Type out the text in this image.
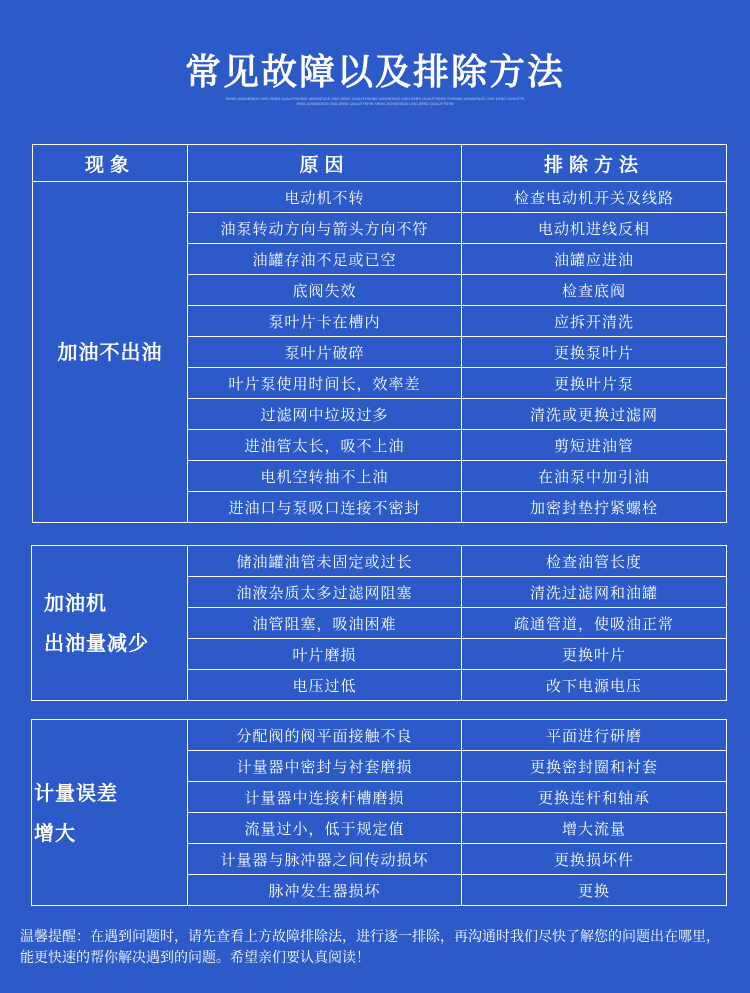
常见故障以及排除方法
SHING ADVANTAGE LING DENG QUALITYSHING ADVANTAGE LING DENG QUALITYSHING ADVANTAGE LING DENG QUALITYSHIN THSHING ADVANTAGE LING DENG QUALITYSHING ADVANTAGE LING DENG QUALITYSHIN SHING ADVANTAGE LING DENG QUALITYSHIN
现象	原因	排除方法
加油不出油	电动机不转	检查电动机开关及线路
	油泵转动方向与箭头方向不符	电动机进线反相
	油罐存油不足或已空	油罐应进油
	底阀失效	检查底阀
	泵叶片卡在槽内	应拆开清洗
	泵叶片破碎	更换泵叶片
	叶片泵使用时间长，效率差	更换叶片泵
	过滤网中垃圾过多	清洗或更换过滤网
	进油管太长，吸不上油	剪短进油管
	电机空转抽不上油	在油泵中加引油
	进油口与泵吸口连接不密封	加密封垫拧紧螺栓
加油机
出油量减少	储油罐油管未固定或过长	检查油管长度
	油液杂质太多过滤网阻塞	清洗过滤网和油罐
	油管阻塞，吸油困难	疏通管道，使吸油正常
	叶片磨损	更换叶片
	电压过低	改下电源电压
计量误差
增大	分配阀的阀平面接触不良	平面进行研磨
	计量器中密封与衬套磨损	更换密封圈和衬套
	计量器中连接杆槽磨损	更换连杆和轴承
	流量过小，低于规定值	增大流量
	计量器与脉冲器之间传动损坏	更换损坏件
	脉冲发生器损坏	更换
温馨提醒：在遇到问题时，请先查看上方故障排除法，进行逐一排除，再沟通时我们尽快了解您的问题出在哪里，能更快速的帮你解决遇到的问题。希望亲们要认真阅读！
